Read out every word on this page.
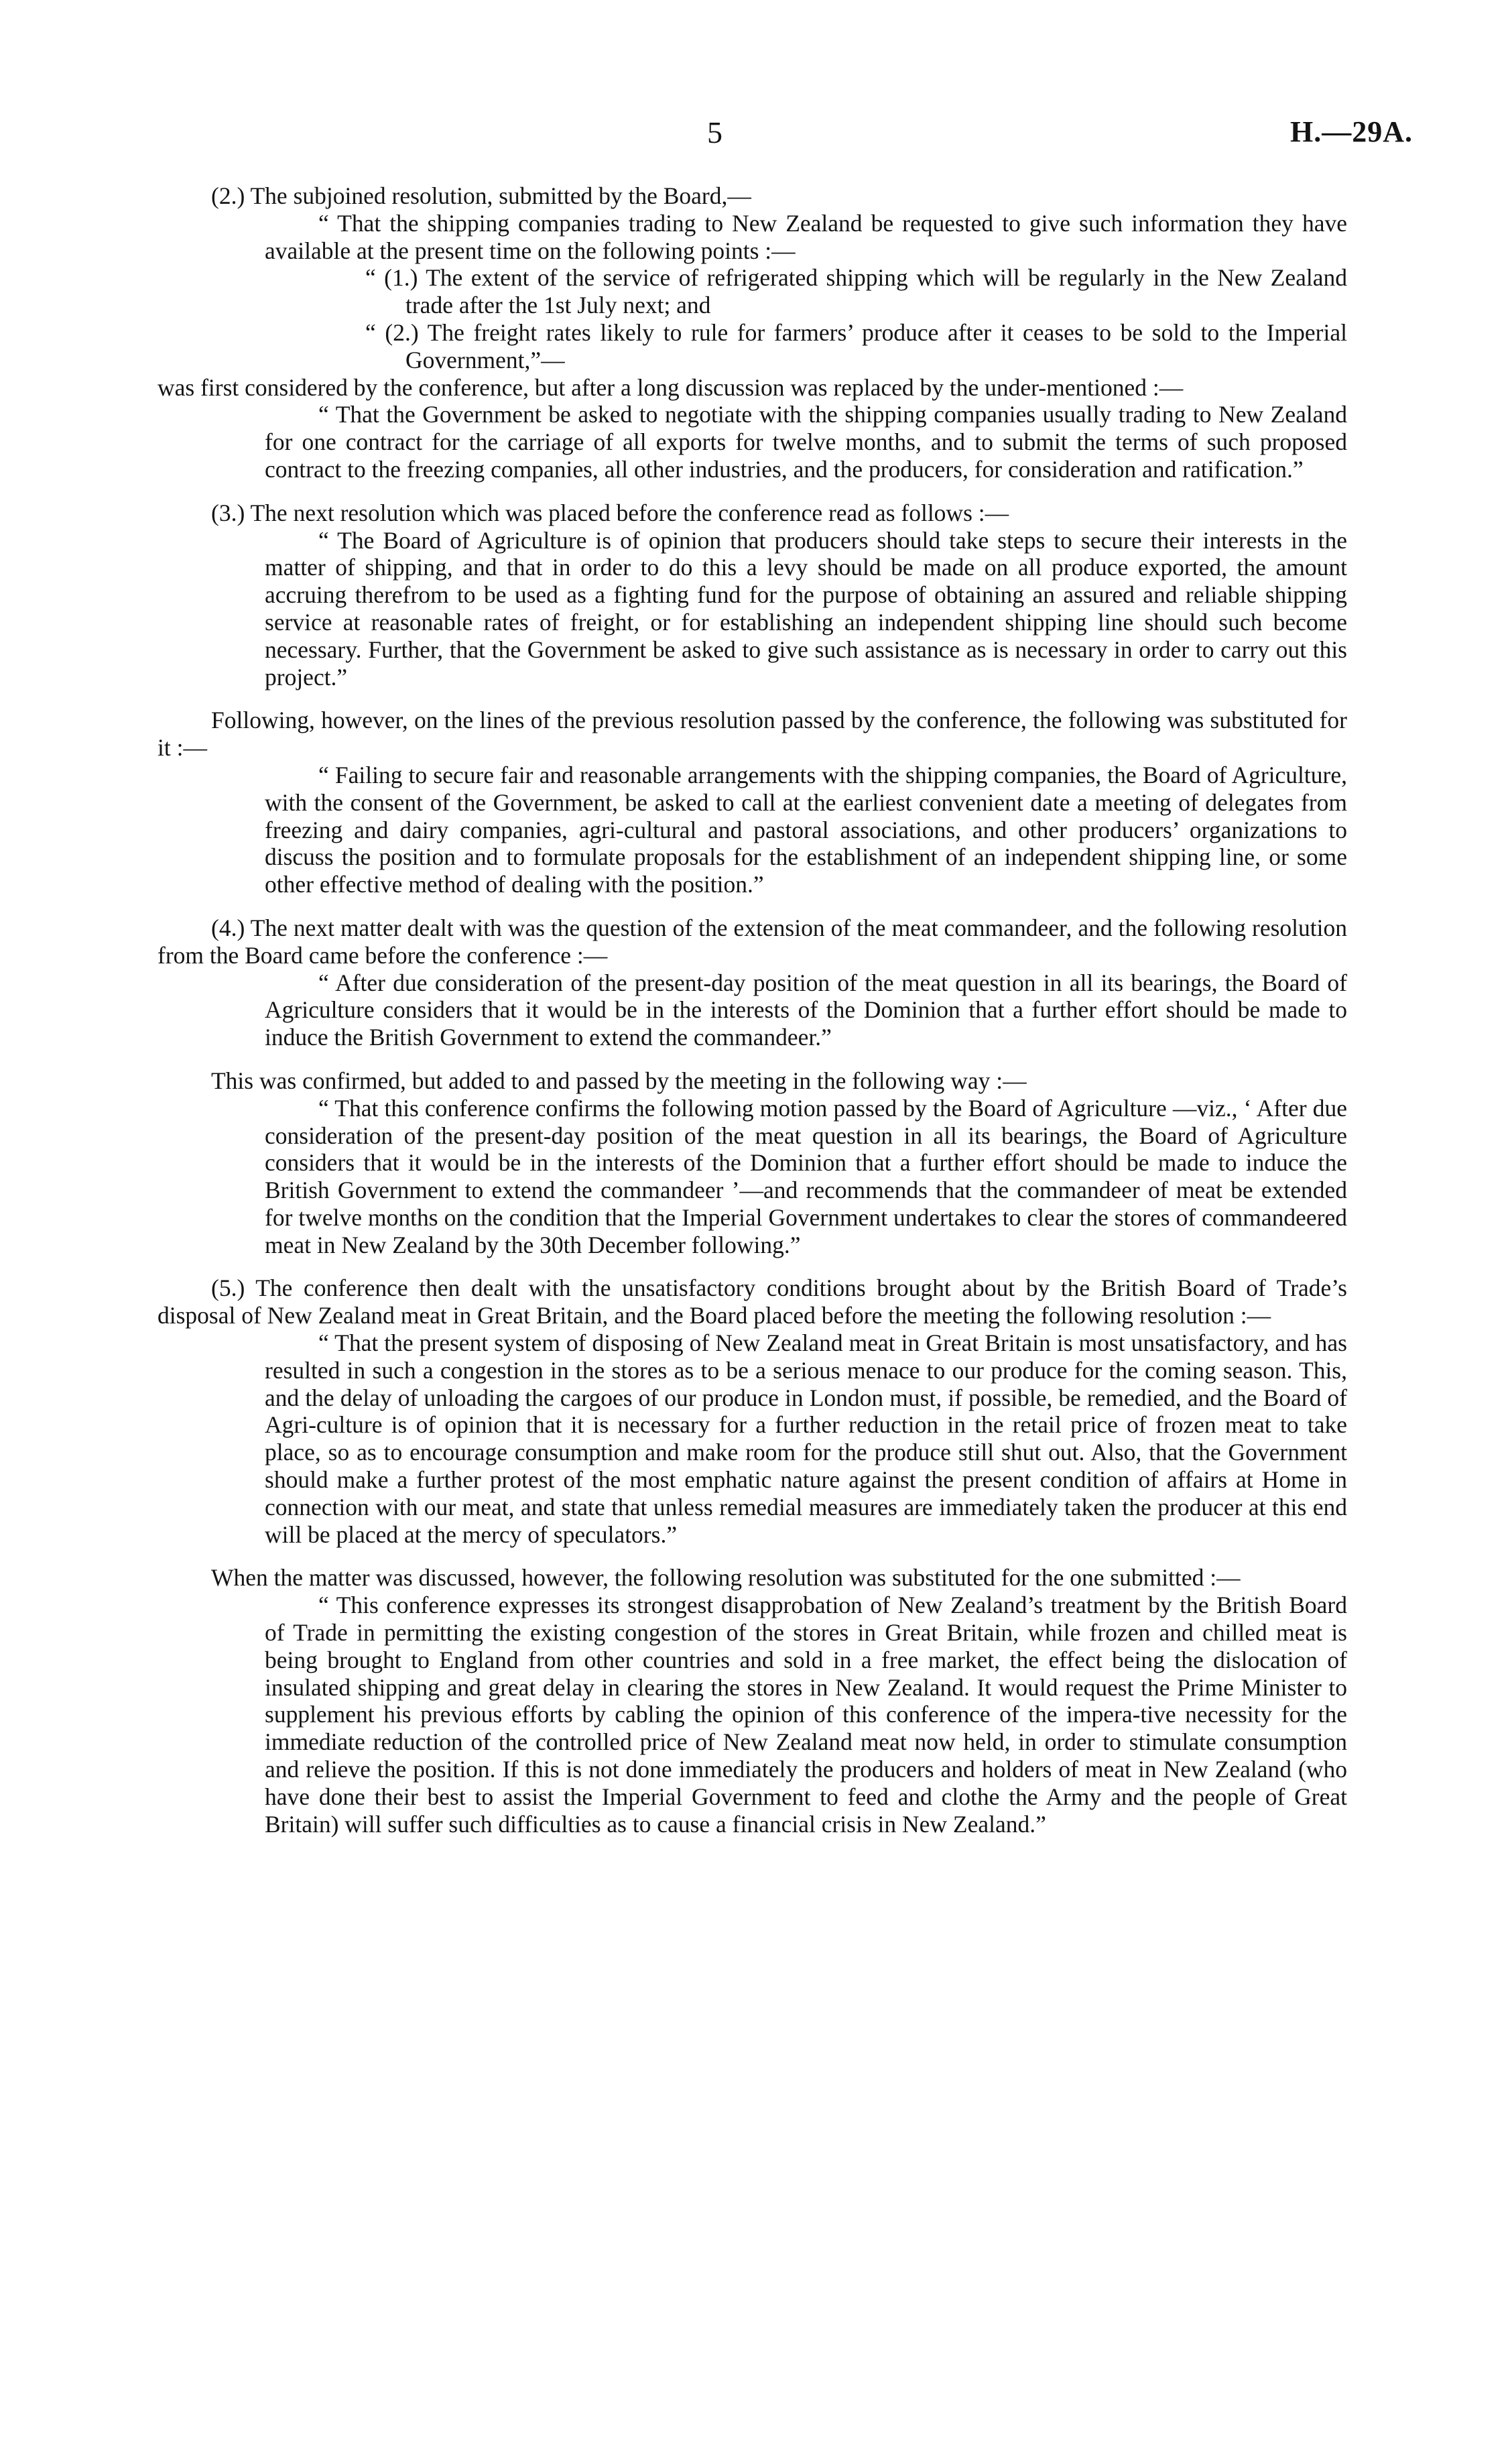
5	H.—29A.

(2.) The subjoined resolution, submitted by the Board,—

“ That the shipping companies trading to New Zealand be requested to give such information they have available at the present time on the following points :—

“ (1.) The extent of the service of refrigerated shipping which will be regularly in the New Zealand trade after the 1st July next; and

“ (2.) The freight rates likely to rule for farmers’ produce after it ceases to be sold to the Imperial Government,”—

was first considered by the conference, but after a long discussion was replaced by the under-mentioned :—

“ That the Government be asked to negotiate with the shipping companies usually trading to New Zealand for one contract for the carriage of all exports for twelve months, and to submit the terms of such proposed contract to the freezing companies, all other industries, and the producers, for consideration and ratification.”

(3.) The next resolution which was placed before the conference read as follows :—

“ The Board of Agriculture is of opinion that producers should take steps to secure their interests in the matter of shipping, and that in order to do this a levy should be made on all produce exported, the amount accruing therefrom to be used as a fighting fund for the purpose of obtaining an assured and reliable shipping service at reasonable rates of freight, or for establishing an independent shipping line should such become necessary. Further, that the Government be asked to give such assistance as is necessary in order to carry out this project.”

Following, however, on the lines of the previous resolution passed by the conference, the following was substituted for it :—

“ Failing to secure fair and reasonable arrangements with the shipping companies, the Board of Agriculture, with the consent of the Government, be asked to call at the earliest convenient date a meeting of delegates from freezing and dairy companies, agri-cultural and pastoral associations, and other producers’ organizations to discuss the position and to formulate proposals for the establishment of an independent shipping line, or some other effective method of dealing with the position.”

(4.) The next matter dealt with was the question of the extension of the meat commandeer, and the following resolution from the Board came before the conference :—

“ After due consideration of the present-day position of the meat question in all its bearings, the Board of Agriculture considers that it would be in the interests of the Dominion that a further effort should be made to induce the British Government to extend the commandeer.”

This was confirmed, but added to and passed by the meeting in the following way :—

“ That this conference confirms the following motion passed by the Board of Agriculture —viz., ‘ After due consideration of the present-day position of the meat question in all its bearings, the Board of Agriculture considers that it would be in the interests of the Dominion that a further effort should be made to induce the British Government to extend the commandeer ’—and recommends that the commandeer of meat be extended for twelve months on the condition that the Imperial Government undertakes to clear the stores of commandeered meat in New Zealand by the 30th December following.”

(5.) The conference then dealt with the unsatisfactory conditions brought about by the British Board of Trade’s disposal of New Zealand meat in Great Britain, and the Board placed before the meeting the following resolution :—

“ That the present system of disposing of New Zealand meat in Great Britain is most unsatisfactory, and has resulted in such a congestion in the stores as to be a serious menace to our produce for the coming season. This, and the delay of unloading the cargoes of our produce in London must, if possible, be remedied, and the Board of Agri-culture is of opinion that it is necessary for a further reduction in the retail price of frozen meat to take place, so as to encourage consumption and make room for the produce still shut out. Also, that the Government should make a further protest of the most emphatic nature against the present condition of affairs at Home in connection with our meat, and state that unless remedial measures are immediately taken the producer at this end will be placed at the mercy of speculators.”

When the matter was discussed, however, the following resolution was substituted for the one submitted :—

“ This conference expresses its strongest disapprobation of New Zealand’s treatment by the British Board of Trade in permitting the existing congestion of the stores in Great Britain, while frozen and chilled meat is being brought to England from other countries and sold in a free market, the effect being the dislocation of insulated shipping and great delay in clearing the stores in New Zealand. It would request the Prime Minister to supplement his previous efforts by cabling the opinion of this conference of the impera-tive necessity for the immediate reduction of the controlled price of New Zealand meat now held, in order to stimulate consumption and relieve the position. If this is not done immediately the producers and holders of meat in New Zealand (who have done their best to assist the Imperial Government to feed and clothe the Army and the people of Great Britain) will suffer such difficulties as to cause a financial crisis in New Zealand.”
